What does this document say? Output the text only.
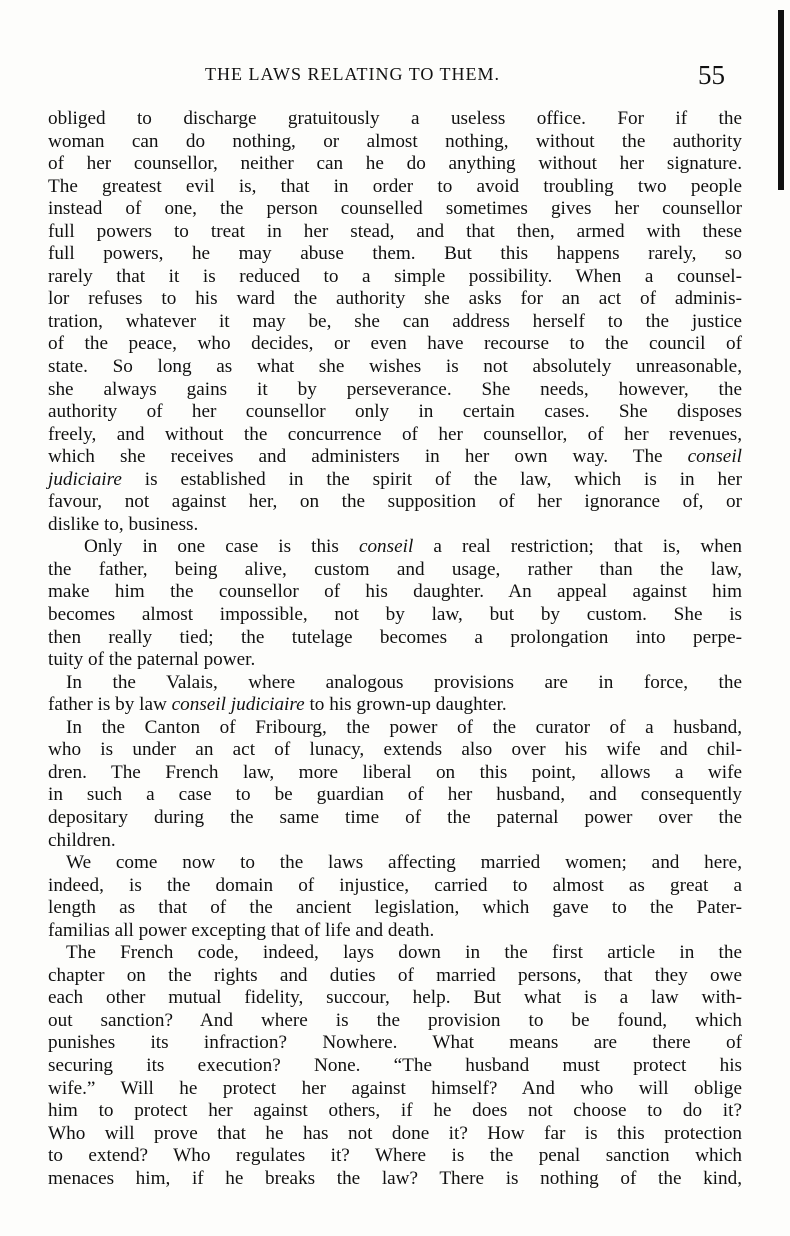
THE LAWS RELATING TO THEM.	55

obliged to discharge gratuitously a useless office. For if the
woman can do nothing, or almost nothing, without the authority
of her counsellor, neither can he do anything without her signature.
The greatest evil is, that in order to avoid troubling two people
instead of one, the person counselled sometimes gives her counsellor
full powers to treat in her stead, and that then, armed with these
full powers, he may abuse them. But this happens rarely, so
rarely that it is reduced to a simple possibility. When a counsel-
lor refuses to his ward the authority she asks for an act of adminis-
tration, whatever it may be, she can address herself to the justice
of the peace, who decides, or even have recourse to the council of
state. So long as what she wishes is not absolutely unreasonable,
she always gains it by perseverance. She needs, however, the
authority of her counsellor only in certain cases. She disposes
freely, and without the concurrence of her counsellor, of her revenues,
which she receives and administers in her own way. The conseil
judiciaire is established in the spirit of the law, which is in her
favour, not against her, on the supposition of her ignorance of, or
dislike to, business.

Only in one case is this conseil a real restriction; that is, when
the father, being alive, custom and usage, rather than the law,
make him the counsellor of his daughter. An appeal against him
becomes almost impossible, not by law, but by custom. She is
then really tied; the tutelage becomes a prolongation into perpe-
tuity of the paternal power.

In the Valais, where analogous provisions are in force, the
father is by law conseil judiciaire to his grown-up daughter.

In the Canton of Fribourg, the power of the curator of a husband,
who is under an act of lunacy, extends also over his wife and chil-
dren. The French law, more liberal on this point, allows a wife
in such a case to be guardian of her husband, and consequently
depositary during the same time of the paternal power over the
children.

We come now to the laws affecting married women; and here,
indeed, is the domain of injustice, carried to almost as great a
length as that of the ancient legislation, which gave to the Pater-
familias all power excepting that of life and death.

The French code, indeed, lays down in the first article in the
chapter on the rights and duties of married persons, that they owe
each other mutual fidelity, succour, help. But what is a law with-
out sanction? And where is the provision to be found, which
punishes its infraction? Nowhere. What means are there of
securing its execution? None. “The husband must protect his
wife.” Will he protect her against himself? And who will oblige
him to protect her against others, if he does not choose to do it?
Who will prove that he has not done it? How far is this protection
to extend? Who regulates it? Where is the penal sanction which
menaces him, if he breaks the law? There is nothing of the kind,
